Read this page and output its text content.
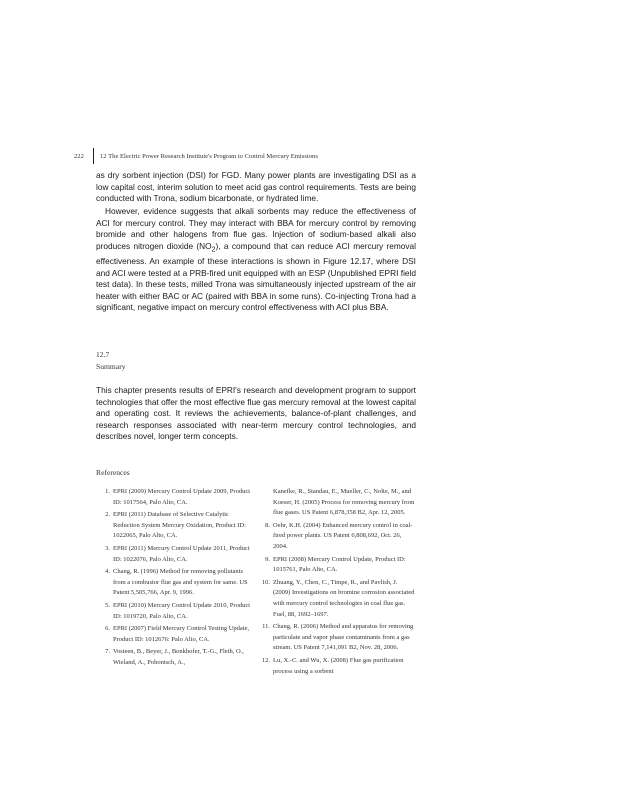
222 12 The Electric Power Research Institute's Program to Control Mercury Emissions

as dry sorbent injection (DSI) for FGD. Many power plants are investigating DSI as a low capital cost, interim solution to meet acid gas control requirements. Tests are being conducted with Trona, sodium bicarbonate, or hydrated lime.

However, evidence suggests that alkali sorbents may reduce the effectiveness of ACI for mercury control. They may interact with BBA for mercury control by removing bromide and other halogens from flue gas. Injection of sodium-based alkali also produces nitrogen dioxide $(NO_2)$, a compound that can reduce ACI mercury removal effectiveness. An example of these interactions is shown in Figure 12.17, where DSI and ACI were tested at a PRB-fired unit equipped with an ESP (Unpublished EPRI field test data). In these tests, milled Trona was simultaneously injected upstream of the air heater with either BAC or AC (paired with BBA in some runs). Co-injecting Trona had a significant, negative impact on mercury control effectiveness with ACI plus BBA.

12.7
Summary

This chapter presents results of EPRI's research and development program to support technologies that offer the most effective flue gas mercury removal at the lowest capital and operating cost. It reviews the achievements, balance-of-plant challenges, and research responses associated with near-term mercury control technologies, and describes novel, longer term concepts.

References
1. EPRI (2009) Mercury Control Update 2009, Product ID: 1017564, Palo Alto, CA.
2. EPRI (2011) Database of Selective Catalytic Reduction System Mercury Oxidation, Product ID: 1022065, Palo Alto, CA.
3. EPRI (2011) Mercury Control Update 2011, Product ID: 1022076, Palo Alto, CA.
4. Chang, R. (1996) Method for removing pollutants from a combustor flue gas and system for same. US Patent 5,505,766, Apr. 9, 1996.
5. EPRI (2010) Mercury Control Update 2010, Product ID: 1019720, Palo Alto, CA.
6. EPRI (2007) Field Mercury Control Testing Update, Product ID: 1012676: Palo Alto, CA.
7. Vosteen, B., Beyer, J., Bonkhofer, T.-G., Fleth, O., Wieland, A., Pohontsch, A.,
Kanefke, R., Standau, E., Mueller, C., Nolte, M., and Koeser, H. (2005) Process for removing mercury from flue gases. US Patent 6,878,358 B2, Apr. 12, 2005.
8. Oehr, K.H. (2004) Enhanced mercury control in coal-fired power plants. US Patent 6,808,692, Oct. 26, 2004.
9. EPRI (2008) Mercury Control Update, Product ID: 1015761, Palo Alto, CA.
10. Zhuang, Y., Chen, C., Timpe, R., and Pavlish, J. (2009) Investigations on bromine corrosion associated with mercury control technologies in coal flue gas. Fuel, 88, 1692–1697.
11. Chang, R. (2006) Method and apparatus for removing particulate and vapor phase contaminants from a gas stream. US Patent 7,141,091 B2, Nov. 28, 2006.
12. Lu, X.-C. and Wu, X. (2008) Flue gas purification process using a sorbent
